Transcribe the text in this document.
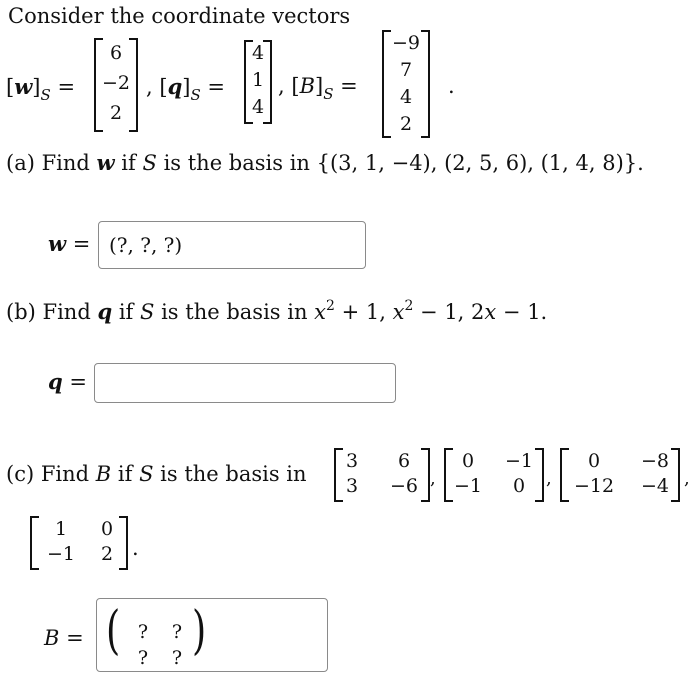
Consider the coordinate vectors
$[w]_S$ =
6
−2
2
, $[q]_S$ =
4
1
4
, $[B]_S$ =
−9
7
4
2
.
(a) Find w if S is the basis in {(3, 1, −4), (2, 5, 6), (1, 4, 8)}.
w = (?, ?, ?)
(b) Find q if S is the basis in $x^2 + 1$, $x^2 - 1$, 2x − 1.
q =
(c) Find B if S is the basis in
3	6
3	−6 ,
0	−1
−1	0	,
0	−8
−12	−4 ,
1	0
−1	2 .
B = ( ? ?
? ? )
